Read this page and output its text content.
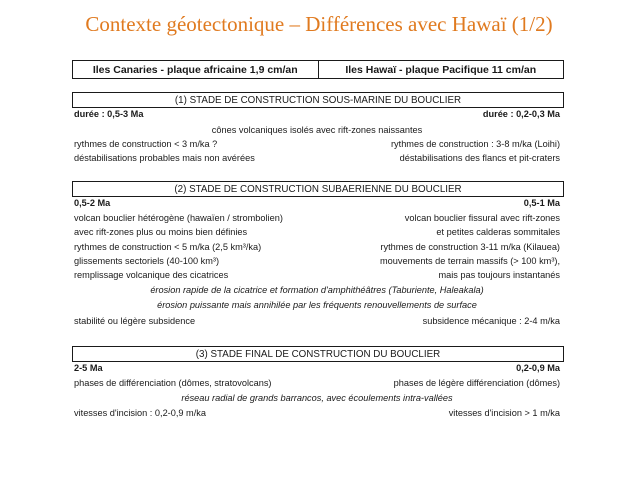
Contexte géotectonique – Différences avec Hawaï (1/2)
Iles Canaries - plaque africaine 1,9 cm/an	Iles Hawaï - plaque Pacifique 11 cm/an
(1) STADE DE CONSTRUCTION SOUS-MARINE DU BOUCLIER
durée : 0,5-3 Ma	durée : 0,2-0,3 Ma
cônes volcaniques isolés avec rift-zones naissantes
rythmes de construction < 3 m/ka ?	rythmes de construction : 3-8 m/ka (Loihi)
déstabilisations probables mais non avérées	déstabilisations des flancs et pit-craters
(2) STADE DE CONSTRUCTION SUBAERIENNE DU BOUCLIER
0,5-2 Ma	0,5-1 Ma
volcan bouclier hétérogène (hawaïen / strombolien)	volcan bouclier fissural avec rift-zones
avec rift-zones plus ou moins bien définies	et petites calderas sommitales
rythmes de construction < 5 m/ka (2,5 km³/ka)	rythmes de construction 3-11 m/ka (Kilauea)
glissements sectoriels (40-100 km³)	mouvements de terrain massifs (> 100 km³),
remplissage volcanique des cicatrices	mais pas toujours instantanés
érosion rapide de la cicatrice et formation d'amphithéâtres (Taburiente, Haleakala)
érosion puissante mais annihilée par les fréquents renouvellements de surface
stabilité ou légère subsidence	subsidence mécanique : 2-4 m/ka
(3) STADE FINAL DE CONSTRUCTION DU BOUCLIER
2-5 Ma	0,2-0,9 Ma
phases de différenciation (dômes, stratovolcans)	phases de légère différenciation (dômes)
réseau radial de grands barrancos, avec écoulements intra-vallées
vitesses d'incision : 0,2-0,9 m/ka	vitesses d'incision > 1 m/ka
